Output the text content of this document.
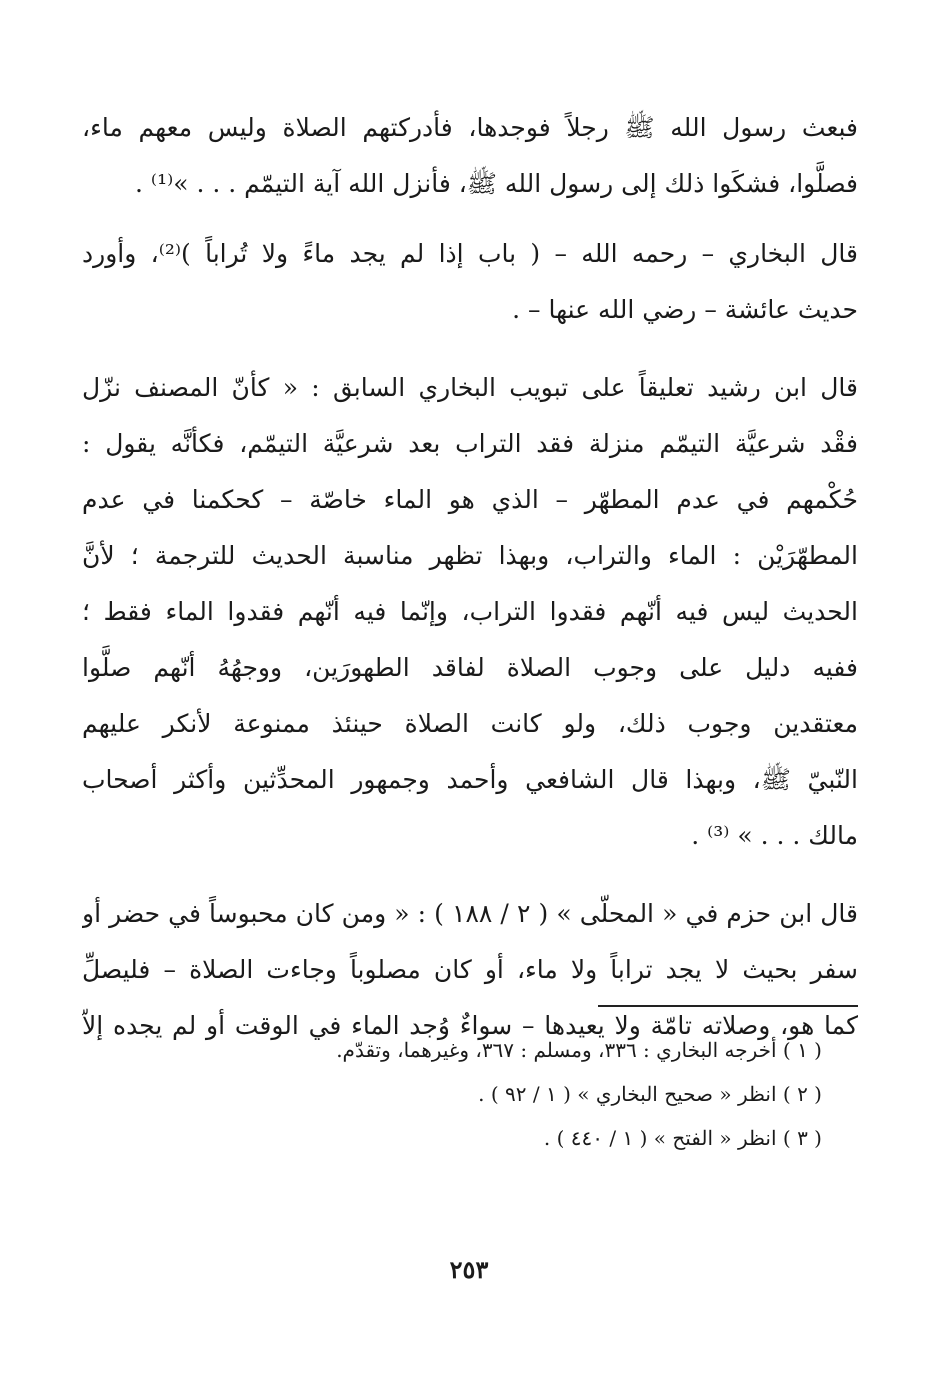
فبعث رسول الله ﷺ رجلاً فوجدها، فأدركتهم الصلاة وليس معهم ماء،
فصلَّوا، فشكَوا ذلك إلى رسول الله ﷺ، فأنزل الله آية التيمّم . . . »⁽¹⁾ .
قال البخاري – رحمه الله – ( باب إذا لم يجد ماءً ولا تُراباً )⁽²⁾، وأورد
حديث عائشة – رضي الله عنها – .
قال ابن رشيد تعليقاً على تبويب البخاري السابق : « كأنّ المصنف نزّل
فقْد شرعيَّة التيمّم منزلة فقد التراب بعد شرعيَّة التيمّم، فكأنَّه يقول :
حُكْمهم في عدم المطهّر – الذي هو الماء خاصّة – كحكمنا في عدم
المطهّرَيْن : الماء والتراب، وبهذا تظهر مناسبة الحديث للترجمة ؛ لأنَّ
الحديث ليس فيه أنّهم فقدوا التراب، وإنّما فيه أنّهم فقدوا الماء فقط ؛
ففيه دليل على وجوب الصلاة لفاقد الطهورَين، ووجهُهُ أنّهم صلَّوا
معتقدين وجوب ذلك، ولو كانت الصلاة حينئذ ممنوعة لأنكر عليهم
النّبيّ ﷺ، وبهذا قال الشافعي وأحمد وجمهور المحدِّثين وأكثر أصحاب
مالك . . . » ⁽³⁾ .
قال ابن حزم في « المحلّى » ( ٢ / ١٨٨ ) : « ومن كان محبوساً في حضر أو
سفر بحيث لا يجد تراباً ولا ماء، أو كان مصلوباً وجاءت الصلاة – فليصلِّ
كما هو، وصلاته تامّة ولا يعيدها – سواءٌ وُجد الماء في الوقت أو لم يجده إلاّ
( ١ ) أخرجه البخاري : ٣٣٦، ومسلم : ٣٦٧، وغيرهما، وتقدّم.
( ٢ ) انظر « صحيح البخاري » ( ١ / ٩٢ ) .
( ٣ ) انظر « الفتح » ( ١ / ٤٤٠ ) .
٢٥٣
